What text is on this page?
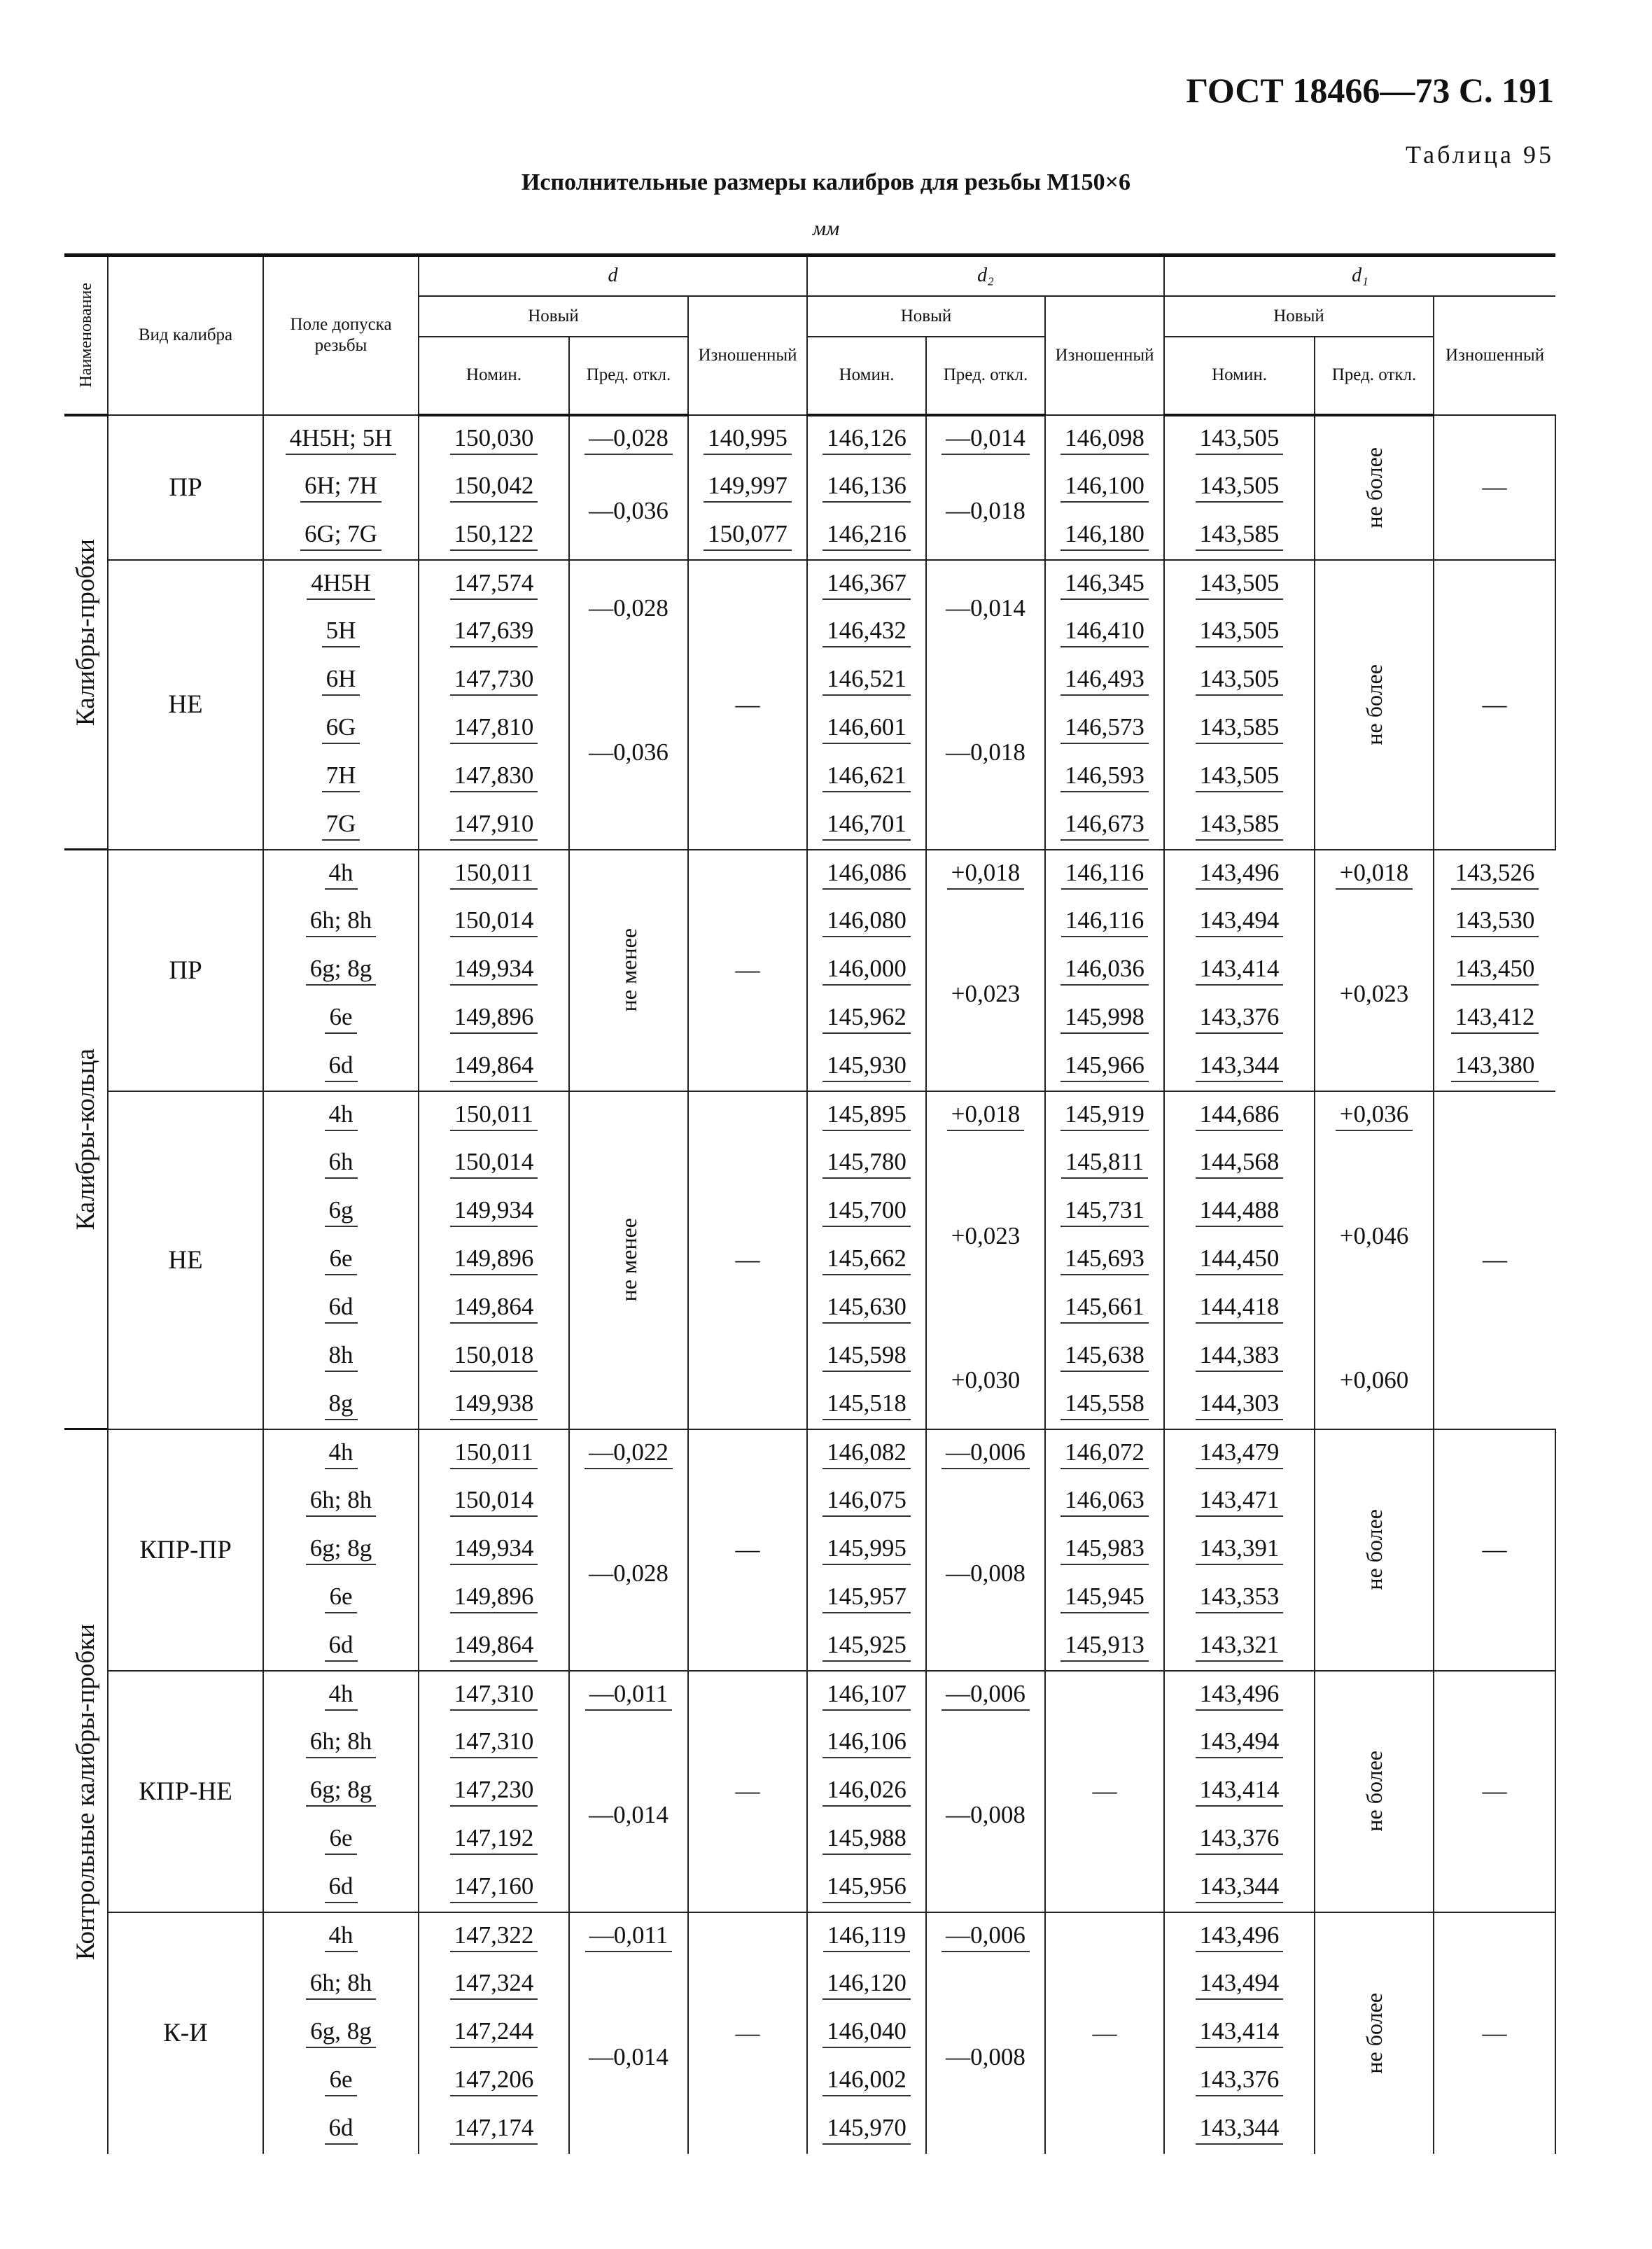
ГОСТ 18466—73 С. 191
Таблица 95
Исполнительные размеры калибров для резьбы M150×6
мм
Наименование	Вид калибра	Поле допуска резьбы	d			d₂			d₁			
			Новый		Изношенный	Новый		Изношенный	Новый		Изношенный	
			Номин.	Пред. откл.		Номин.	Пред. откл.		Номин.	Пред. откл.		

Калибры-пробки	ПР	4H5H; 5H	150,030	—0,028	140,995	146,126	—0,014	146,098	143,505	не более	—	
		6H; 7H	150,042	—0,036	149,997	146,136	—0,018	146,100	143,505			
		6G; 7G	150,122		150,077	146,216		146,180	143,585			
	НЕ	4H5H	147,574	—0,028	—	146,367	—0,014	146,345	143,505	не более	—	
		5H	147,639			146,432		146,410	143,505			
		6H	147,730	—0,036		146,521	—0,018	146,493	143,505			
		6G	147,810			146,601		146,573	143,585			
		7H	147,830			146,621		146,593	143,505			
		7G	147,910			146,701		146,673	143,585			

Калибры-кольца	ПР	4h	150,011	не менее	—	146,086	+0,018	146,116	143,496	+0,018	143,526	
		6h; 8h	150,014			146,080	+0,023	146,116	143,494	+0,023	143,530	
		6g; 8g	149,934			146,000		146,036	143,414		143,450	
		6e	149,896			145,962		145,998	143,376		143,412	
		6d	149,864			145,930		145,966	143,344		143,380	
	НЕ	4h	150,011	не менее	—	145,895	+0,018	145,919	144,686	+0,036	—	
		6h	150,014			145,780	+0,023	145,811	144,568	+0,046		
		6g	149,934			145,700		145,731	144,488			
		6e	149,896			145,662		145,693	144,450			
		6d	149,864			145,630		145,661	144,418			
		8h	150,018			145,598	+0,030	145,638	144,383	+0,060		
		8g	149,938			145,518		145,558	144,303			

Контрольные калибры-пробки	КПР-ПР	4h	150,011	—0,022	—	146,082	—0,006	146,072	143,479	не более	—	
		6h; 8h	150,014	—0,028		146,075	—0,008	146,063	143,471			
		6g; 8g	149,934			145,995		145,983	143,391			
		6e	149,896			145,957		145,945	143,353			
		6d	149,864			145,925		145,913	143,321			
	КПР-НЕ	4h	147,310	—0,011	—	146,107	—0,006	—	143,496	не более	—	
		6h; 8h	147,310	—0,014		146,106	—0,008		143,494			
		6g; 8g	147,230			146,026			143,414			
		6e	147,192			145,988			143,376			
		6d	147,160			145,956			143,344			
	К-И	4h	147,322	—0,011	—	146,119	—0,006	—	143,496	не более	—	
		6h; 8h	147,324	—0,014		146,120	—0,008		143,494			
		6g, 8g	147,244			146,040			143,414			
		6e	147,206			146,002			143,376			
		6d	147,174			145,970			143,344			
